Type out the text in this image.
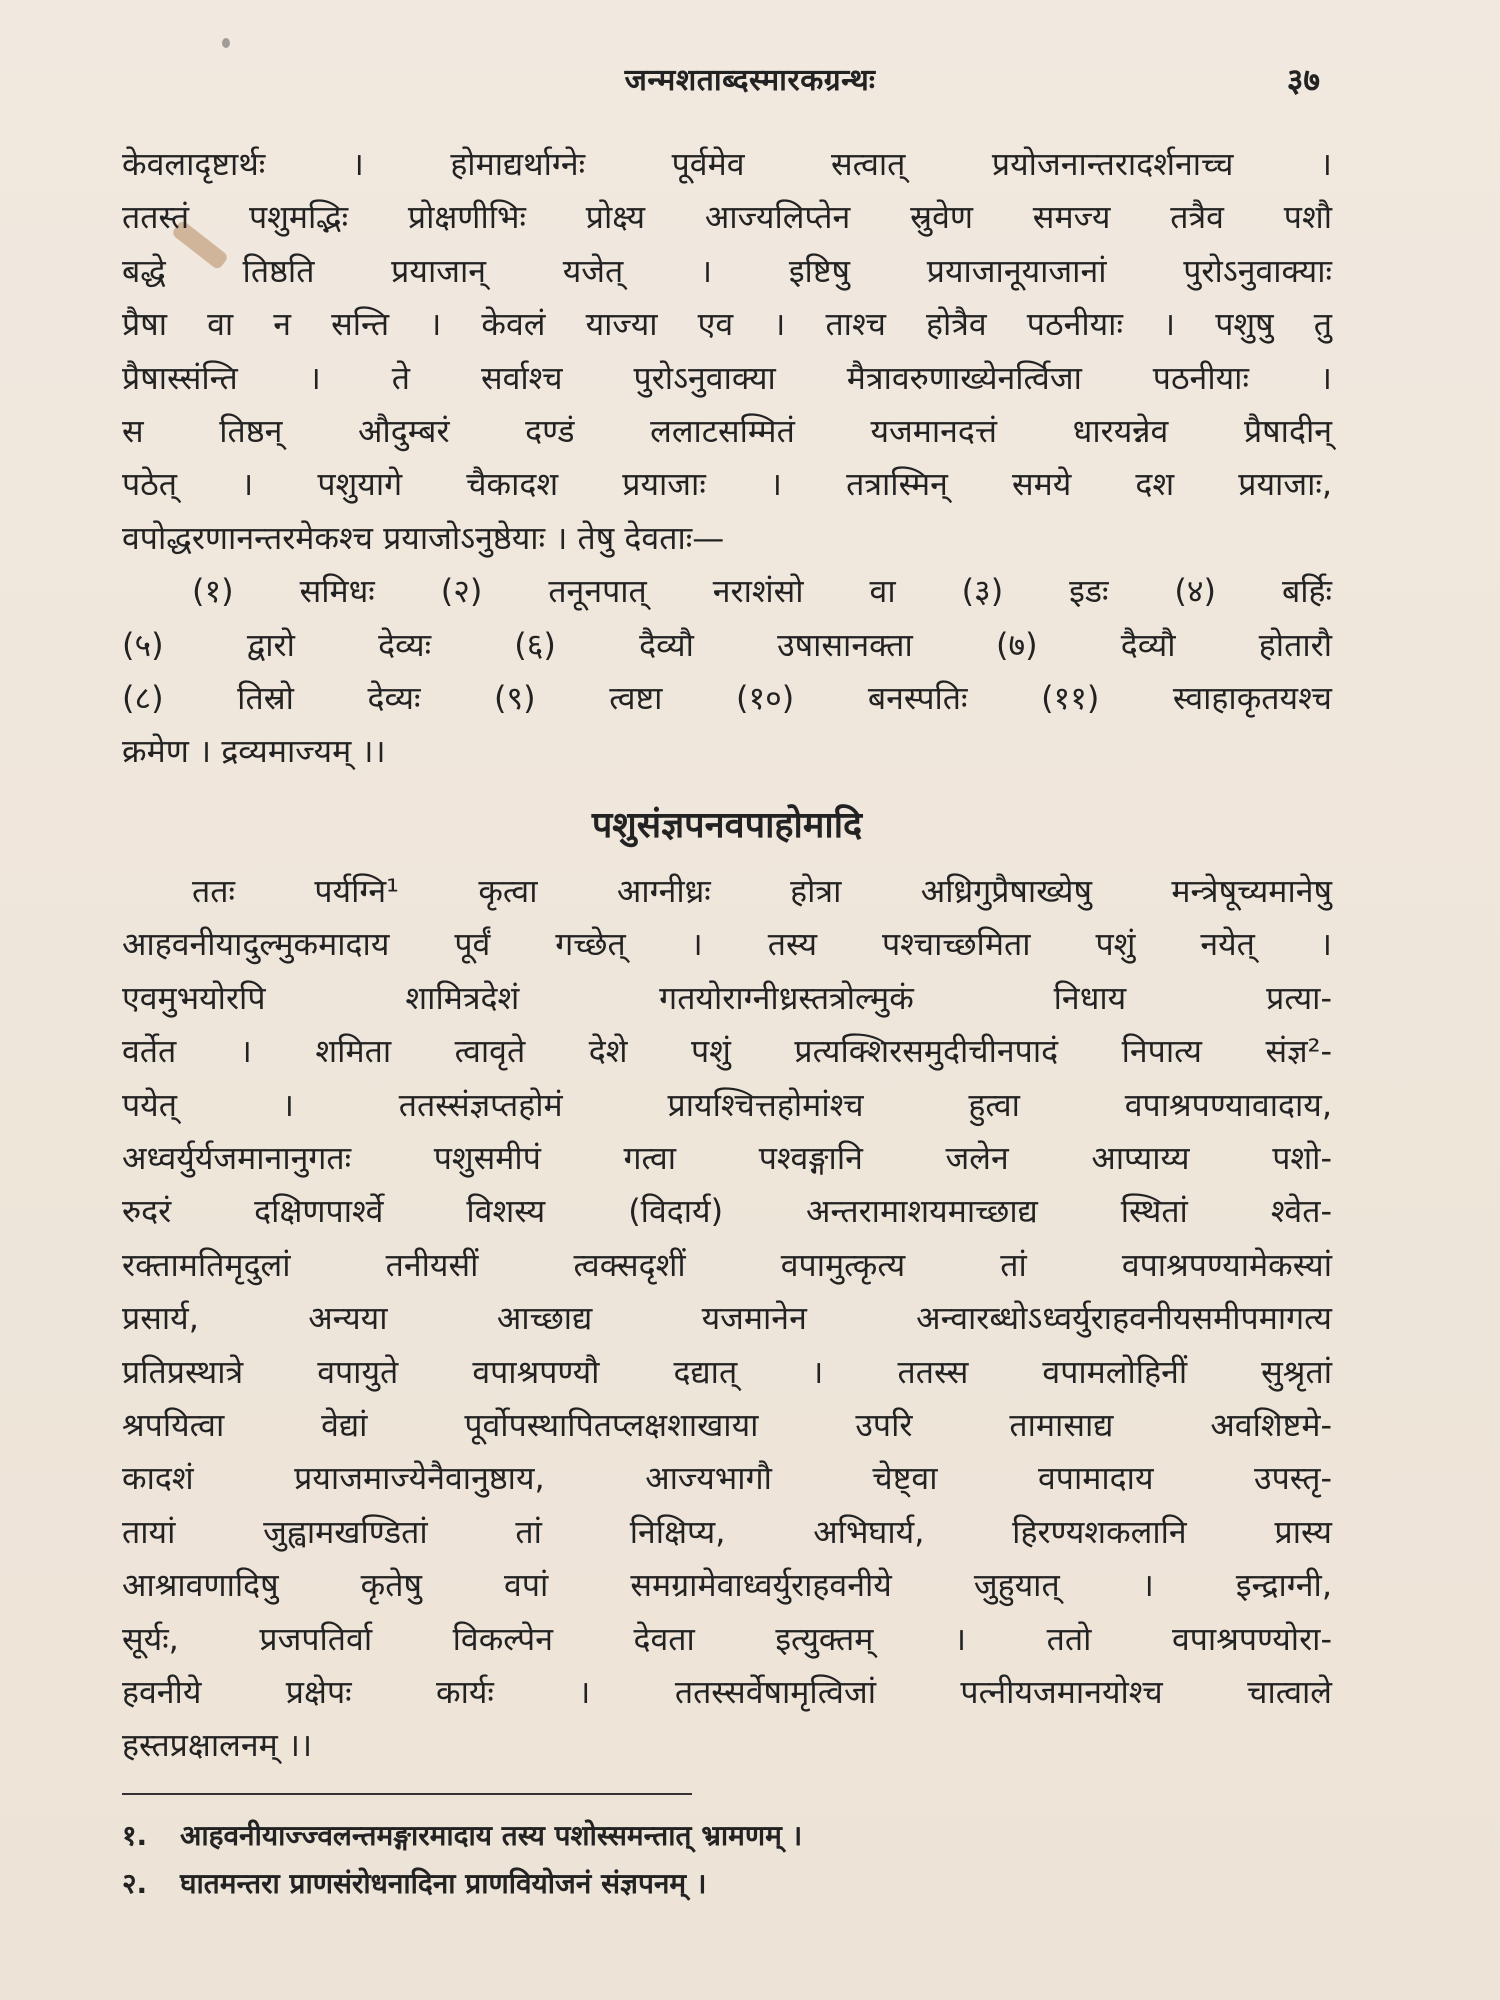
जन्मशताब्दस्मारकग्रन्थः	३७
केवलादृष्टार्थः । होमाद्यर्थाग्नेः पूर्वमेव सत्वात् प्रयोजनान्तरादर्शनाच्च ।
ततस्तं पशुमद्भिः प्रोक्षणीभिः प्रोक्ष्य आज्यलिप्तेन स्रुवेण समज्य तत्रैव पशौ
बद्धे तिष्ठति प्रयाजान् यजेत् । इष्टिषु प्रयाजानूयाजानां पुरोऽनुवाक्याः
प्रैषा वा न सन्ति । केवलं याज्या एव । ताश्च होत्रैव पठनीयाः । पशुषु तु
प्रैषास्संन्ति । ते सर्वाश्च पुरोऽनुवाक्या मैत्रावरुणाख्येनर्त्विजा पठनीयाः ।
स तिष्ठन् औदुम्बरं दण्डं ललाटसम्मितं यजमानदत्तं धारयन्नेव प्रैषादीन्
पठेत् । पशुयागे चैकादश प्रयाजाः । तत्रास्मिन् समये दश प्रयाजाः,
वपोद्धरणानन्तरमेकश्च प्रयाजोऽनुष्ठेयाः । तेषु देवताः—
(१) समिधः (२) तनूनपात् नराशंसो वा (३) इडः (४) बर्हिः
(५) द्वारो देव्यः (६) दैव्यौ उषासानक्ता (७) दैव्यौ होतारौ
(८) तिस्रो देव्यः (९) त्वष्टा (१०) बनस्पतिः (११) स्वाहाकृतयश्च
क्रमेण । द्रव्यमाज्यम् ।।
पशुसंज्ञपनवपाहोमादि
ततः पर्यग्नि¹ कृत्वा आग्नीध्रः होत्रा अध्रिगुप्रैषाख्येषु मन्त्रेषूच्यमानेषु
आहवनीयादुल्मुकमादाय पूर्वं गच्छेत् । तस्य पश्चाच्छमिता पशुं नयेत् ।
एवमुभयोरपि शामित्रदेशं गतयोराग्नीध्रस्तत्रोल्मुकं निधाय प्रत्या-
वर्तेत । शमिता त्वावृते देशे पशुं प्रत्यक्शिरसमुदीचीनपादं निपात्य संज्ञ²-
पयेत् । ततस्संज्ञप्तहोमं प्रायश्चित्तहोमांश्च हुत्वा वपाश्रपण्यावादाय,
अध्वर्युर्यजमानानुगतः पशुसमीपं गत्वा पश्वङ्गानि जलेन आप्याय्य पशो-
रुदरं दक्षिणपार्श्वे विशस्य (विदार्य) अन्तरामाशयमाच्छाद्य स्थितां श्वेत-
रक्तामतिमृदुलां तनीयसीं त्वक्सदृशीं वपामुत्कृत्य तां वपाश्रपण्यामेकस्यां
प्रसार्य, अन्यया आच्छाद्य यजमानेन अन्वारब्धोऽध्वर्युराहवनीयसमीपमागत्य
प्रतिप्रस्थात्रे वपायुते वपाश्रपण्यौ दद्यात् । ततस्स वपामलोहिनीं सुश्रृतां
श्रपयित्वा वेद्यां पूर्वोपस्थापितप्लक्षशाखाया उपरि तामासाद्य अवशिष्टमे-
कादशं प्रयाजमाज्येनैवानुष्ठाय, आज्यभागौ चेष्ट्वा वपामादाय उपस्तृ-
तायां जुह्वामखण्डितां तां निक्षिप्य, अभिघार्य, हिरण्यशकलानि प्रास्य
आश्रावणादिषु कृतेषु वपां समग्रामेवाध्वर्युराहवनीये जुहुयात् । इन्द्राग्नी,
सूर्यः, प्रजपतिर्वा विकल्पेन देवता इत्युक्तम् । ततो वपाश्रपण्योरा-
हवनीये प्रक्षेपः कार्यः । ततस्सर्वेषामृत्विजां पत्नीयजमानयोश्च चात्वाले
हस्तप्रक्षालनम् ।।
१. आहवनीयाज्ज्वलन्तमङ्गारमादाय तस्य पशोस्समन्तात् भ्रामणम् ।
२. घातमन्तरा प्राणसंरोधनादिना प्राणवियोजनं संज्ञपनम् ।
